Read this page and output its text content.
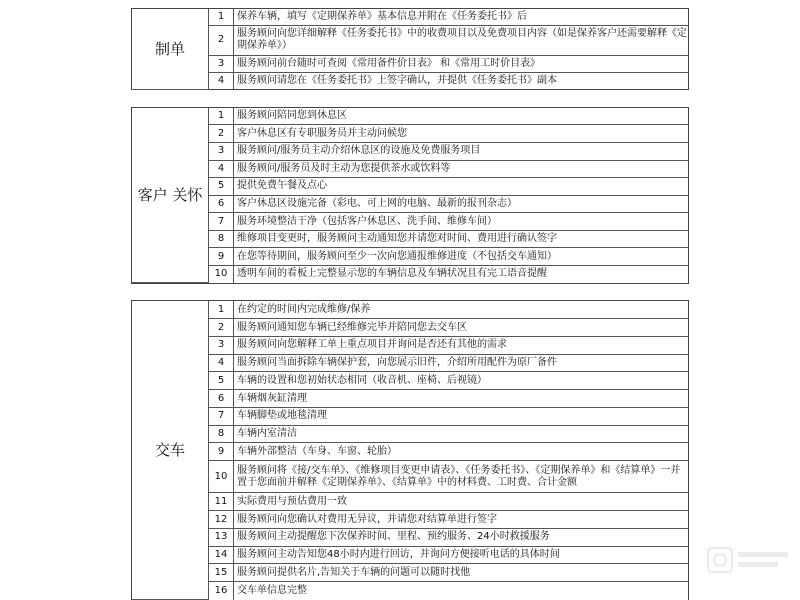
制单	1	保养车辆，填写《定期保养单》基本信息并附在《任务委托书》后
	2	服务顾问向您详细解释《任务委托书》中的收费项目以及免费项目内容（如是保养客户还需要解释《定期保养单》）
	3	服务顾问前台随时可查阅《常用备件价目表》 和《常用工时价目表》
	4	服务顾问请您在《任务委托书》上签字确认，并提供《任务委托书》副本
客户 关怀	1	服务顾问陪同您到休息区
	2	客户休息区有专职服务员并主动问候您
	3	服务顾问/服务员主动介绍休息区的设施及免费服务项目
	4	服务顾问/服务员及时主动为您提供茶水或饮料等
	5	提供免费午餐及点心
	6	客户休息区设施完备（彩电、可上网的电脑、最新的报刊杂志）
	7	服务环境整洁干净（包括客户休息区、洗手间、维修车间）
	8	维修项目变更时，服务顾问主动通知您并请您对时间、费用进行确认签字
	9	在您等待期间，服务顾问至少一次向您通报维修进度（不包括交车通知）
	10	透明车间的看板上完整显示您的车辆信息及车辆状况且有完工语音提醒
交车	1	在约定的时间内完成维修/保养
	2	服务顾问通知您车辆已经维修完毕并陪同您去交车区
	3	服务顾问向您解释工单上重点项目并询问是否还有其他的需求
	4	服务顾问当面拆除车辆保护套，向您展示旧件，介绍所用配件为原厂备件
	5	车辆的设置和您初始状态相同（收音机、座椅、后视镜）
	6	车辆烟灰缸清理
	7	车辆脚垫或地毯清理
	8	车辆内室清洁
	9	车辆外部整洁（车身、车窗、轮胎）
	10	服务顾问将《接/交车单》、《维修项目变更申请表》、《任务委托书》、《定期保养单》和《结算单》一并置于您面前并解释《定期保养单》、《结算单》中的材料费、工时费、合计金额
	11	实际费用与预估费用一致
	12	服务顾问向您确认对费用无异议，并请您对结算单进行签字
	13	服务顾问主动提醒您下次保养时间、里程、预约服务、24小时救援服务
	14	服务顾问主动告知您48小时内进行回访，并询问方便接听电话的具体时间
	15	服务顾问提供名片,告知关于车辆的问题可以随时找他
	16	交车单信息完整
